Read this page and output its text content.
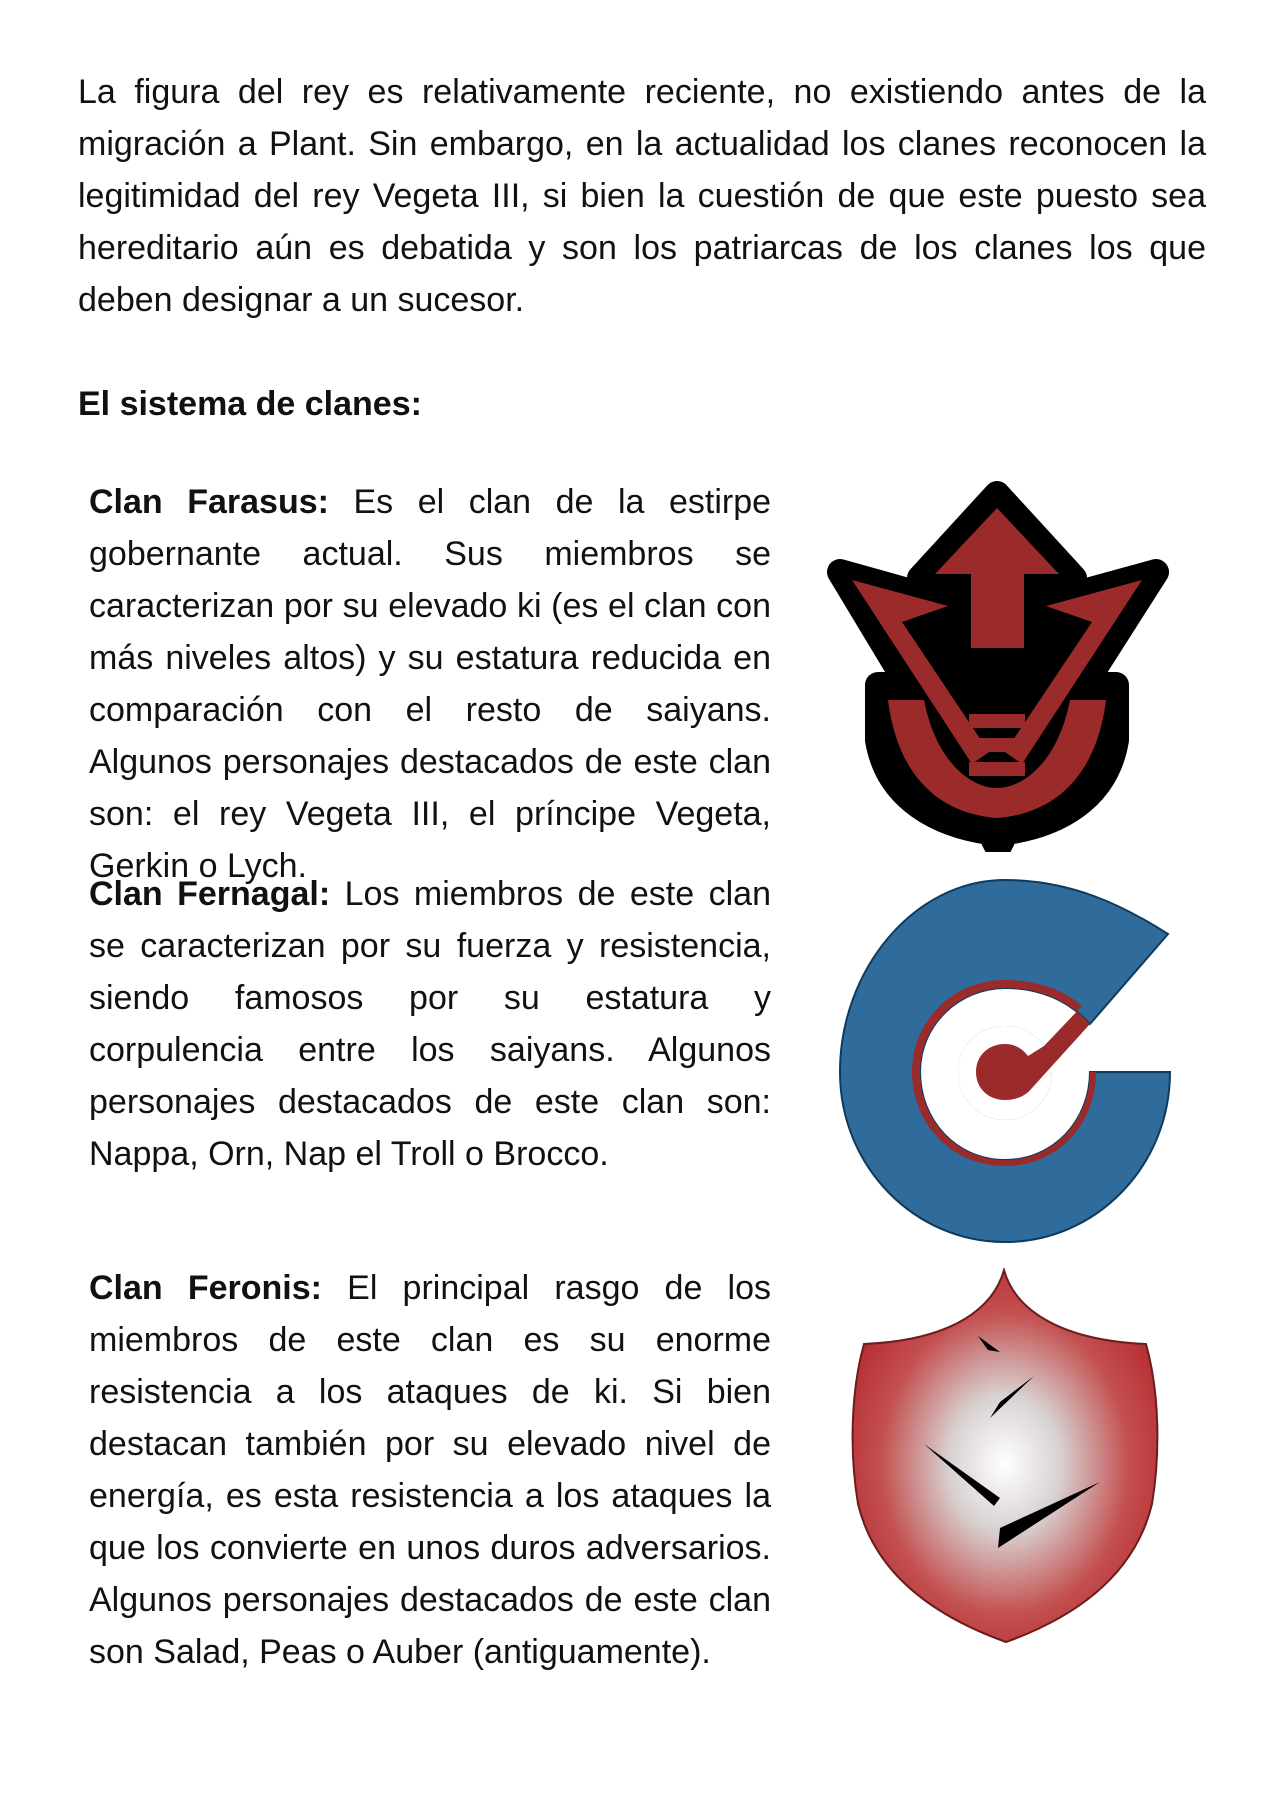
La figura del rey es relativamente reciente, no existiendo antes de la migración a Plant. Sin embargo, en la actualidad los clanes reconocen la legitimidad del rey Vegeta III, si bien la cuestión de que este puesto sea hereditario aún es debatida y son los patriarcas de los clanes los que deben designar a un sucesor.

El sistema de clanes:

Clan Farasus: Es el clan de la estirpe gobernante actual. Sus miembros se caracterizan por su elevado ki (es el clan con más niveles altos) y su estatura reducida en comparación con el resto de saiyans. Algunos personajes destacados de este clan son: el rey Vegeta III, el príncipe Vegeta, Gerkin o Lych.

Clan Fernagal: Los miembros de este clan se caracterizan por su fuerza y resistencia, siendo famosos por su estatura y corpulencia entre los saiyans. Algunos personajes destacados de este clan son: Nappa, Orn, Nap el Troll o Brocco.

Clan Feronis: El principal rasgo de los miembros de este clan es su enorme resistencia a los ataques de ki. Si bien destacan también por su elevado nivel de energía, es esta resistencia a los ataques la que los convierte en unos duros adversarios. Algunos personajes destacados de este clan son Salad, Peas o Auber (antiguamente).
